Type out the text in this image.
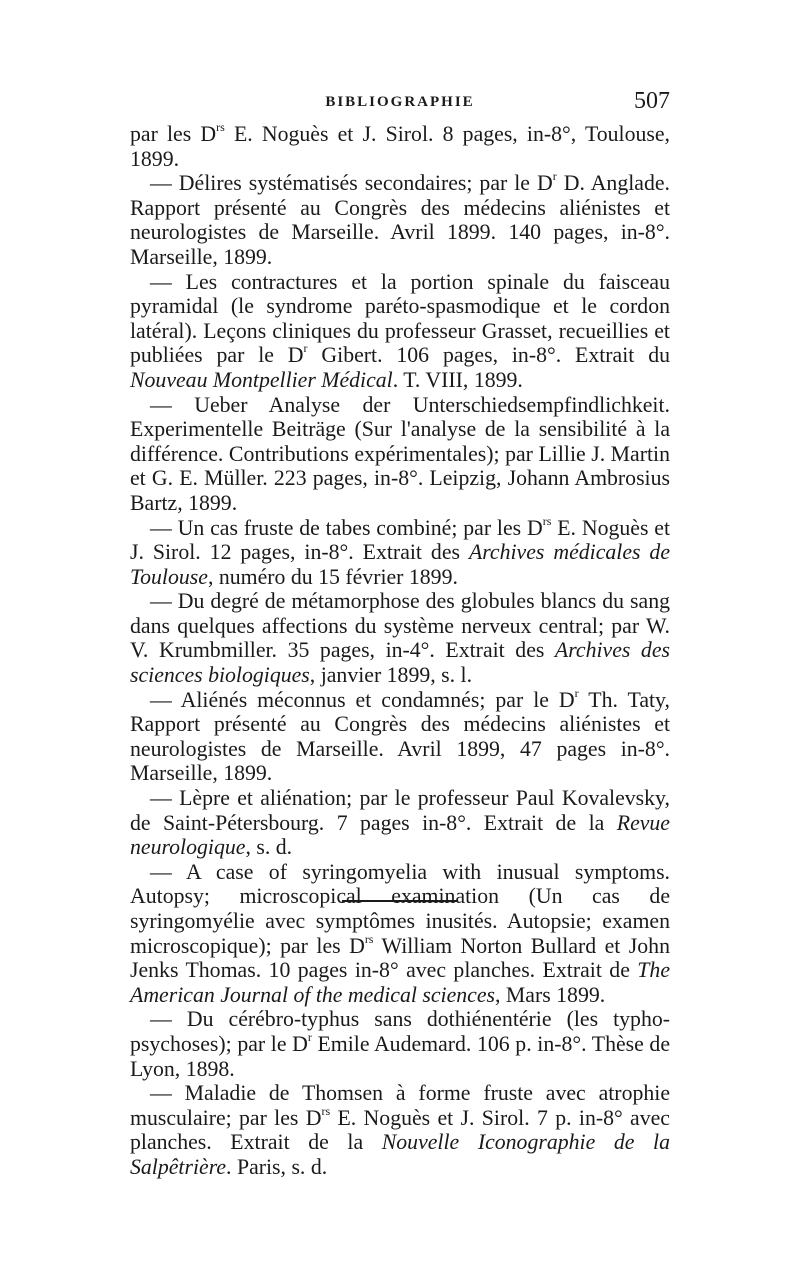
BIBLIOGRAPHIE	507

par les $D^{rs}$ E. Noguès et J. Sirol. 8 pages, in-8°, Toulouse, 1899.

— Délires systématisés secondaires; par le $D^r$ D. Anglade. Rapport présenté au Congrès des médecins aliénistes et neurologistes de Marseille. Avril 1899. 140 pages, in-8°. Marseille, 1899.

— Les contractures et la portion spinale du faisceau pyramidal (le syndrome paréto-spasmodique et le cordon latéral). Leçons cliniques du professeur Grasset, recueillies et publiées par le $D^r$ Gibert. 106 pages, in-8°. Extrait du Nouveau Montpellier Médical. T. VIII, 1899.

— Ueber Analyse der Unterschiedsempfindlichkeit. Experimentelle Beiträge (Sur l'analyse de la sensibilité à la différence. Contributions expérimentales); par Lillie J. Martin et G. E. Müller. 223 pages, in-8°. Leipzig, Johann Ambrosius Bartz, 1899.

— Un cas fruste de tabes combiné; par les $D^{rs}$ E. Noguès et J. Sirol. 12 pages, in-8°. Extrait des Archives médicales de Toulouse, numéro du 15 février 1899.

— Du degré de métamorphose des globules blancs du sang dans quelques affections du système nerveux central; par W. V. Krumbmiller. 35 pages, in-4°. Extrait des Archives des sciences biologiques, janvier 1899, s. l.

— Aliénés méconnus et condamnés; par le $D^r$ Th. Taty, Rapport présenté au Congrès des médecins aliénistes et neurologistes de Marseille. Avril 1899, 47 pages in-8°. Marseille, 1899.

— Lèpre et aliénation; par le professeur Paul Kovalevsky, de Saint-Pétersbourg. 7 pages in-8°. Extrait de la Revue neurologique, s. d.

— A case of syringomyelia with inusual symptoms. Autopsy; microscopical examination (Un cas de syringomyélie avec symptômes inusités. Autopsie; examen microscopique); par les $D^{rs}$ William Norton Bullard et John Jenks Thomas. 10 pages in-8° avec planches. Extrait de The American Journal of the medical sciences, Mars 1899.

— Du cérébro-typhus sans dothiénentérie (les typho-psychoses); par le $D^r$ Emile Audemard. 106 p. in-8°. Thèse de Lyon, 1898.

— Maladie de Thomsen à forme fruste avec atrophie musculaire; par les $D^{rs}$ E. Noguès et J. Sirol. 7 p. in-8° avec planches. Extrait de la Nouvelle Iconographie de la Salpêtrière. Paris, s. d.
